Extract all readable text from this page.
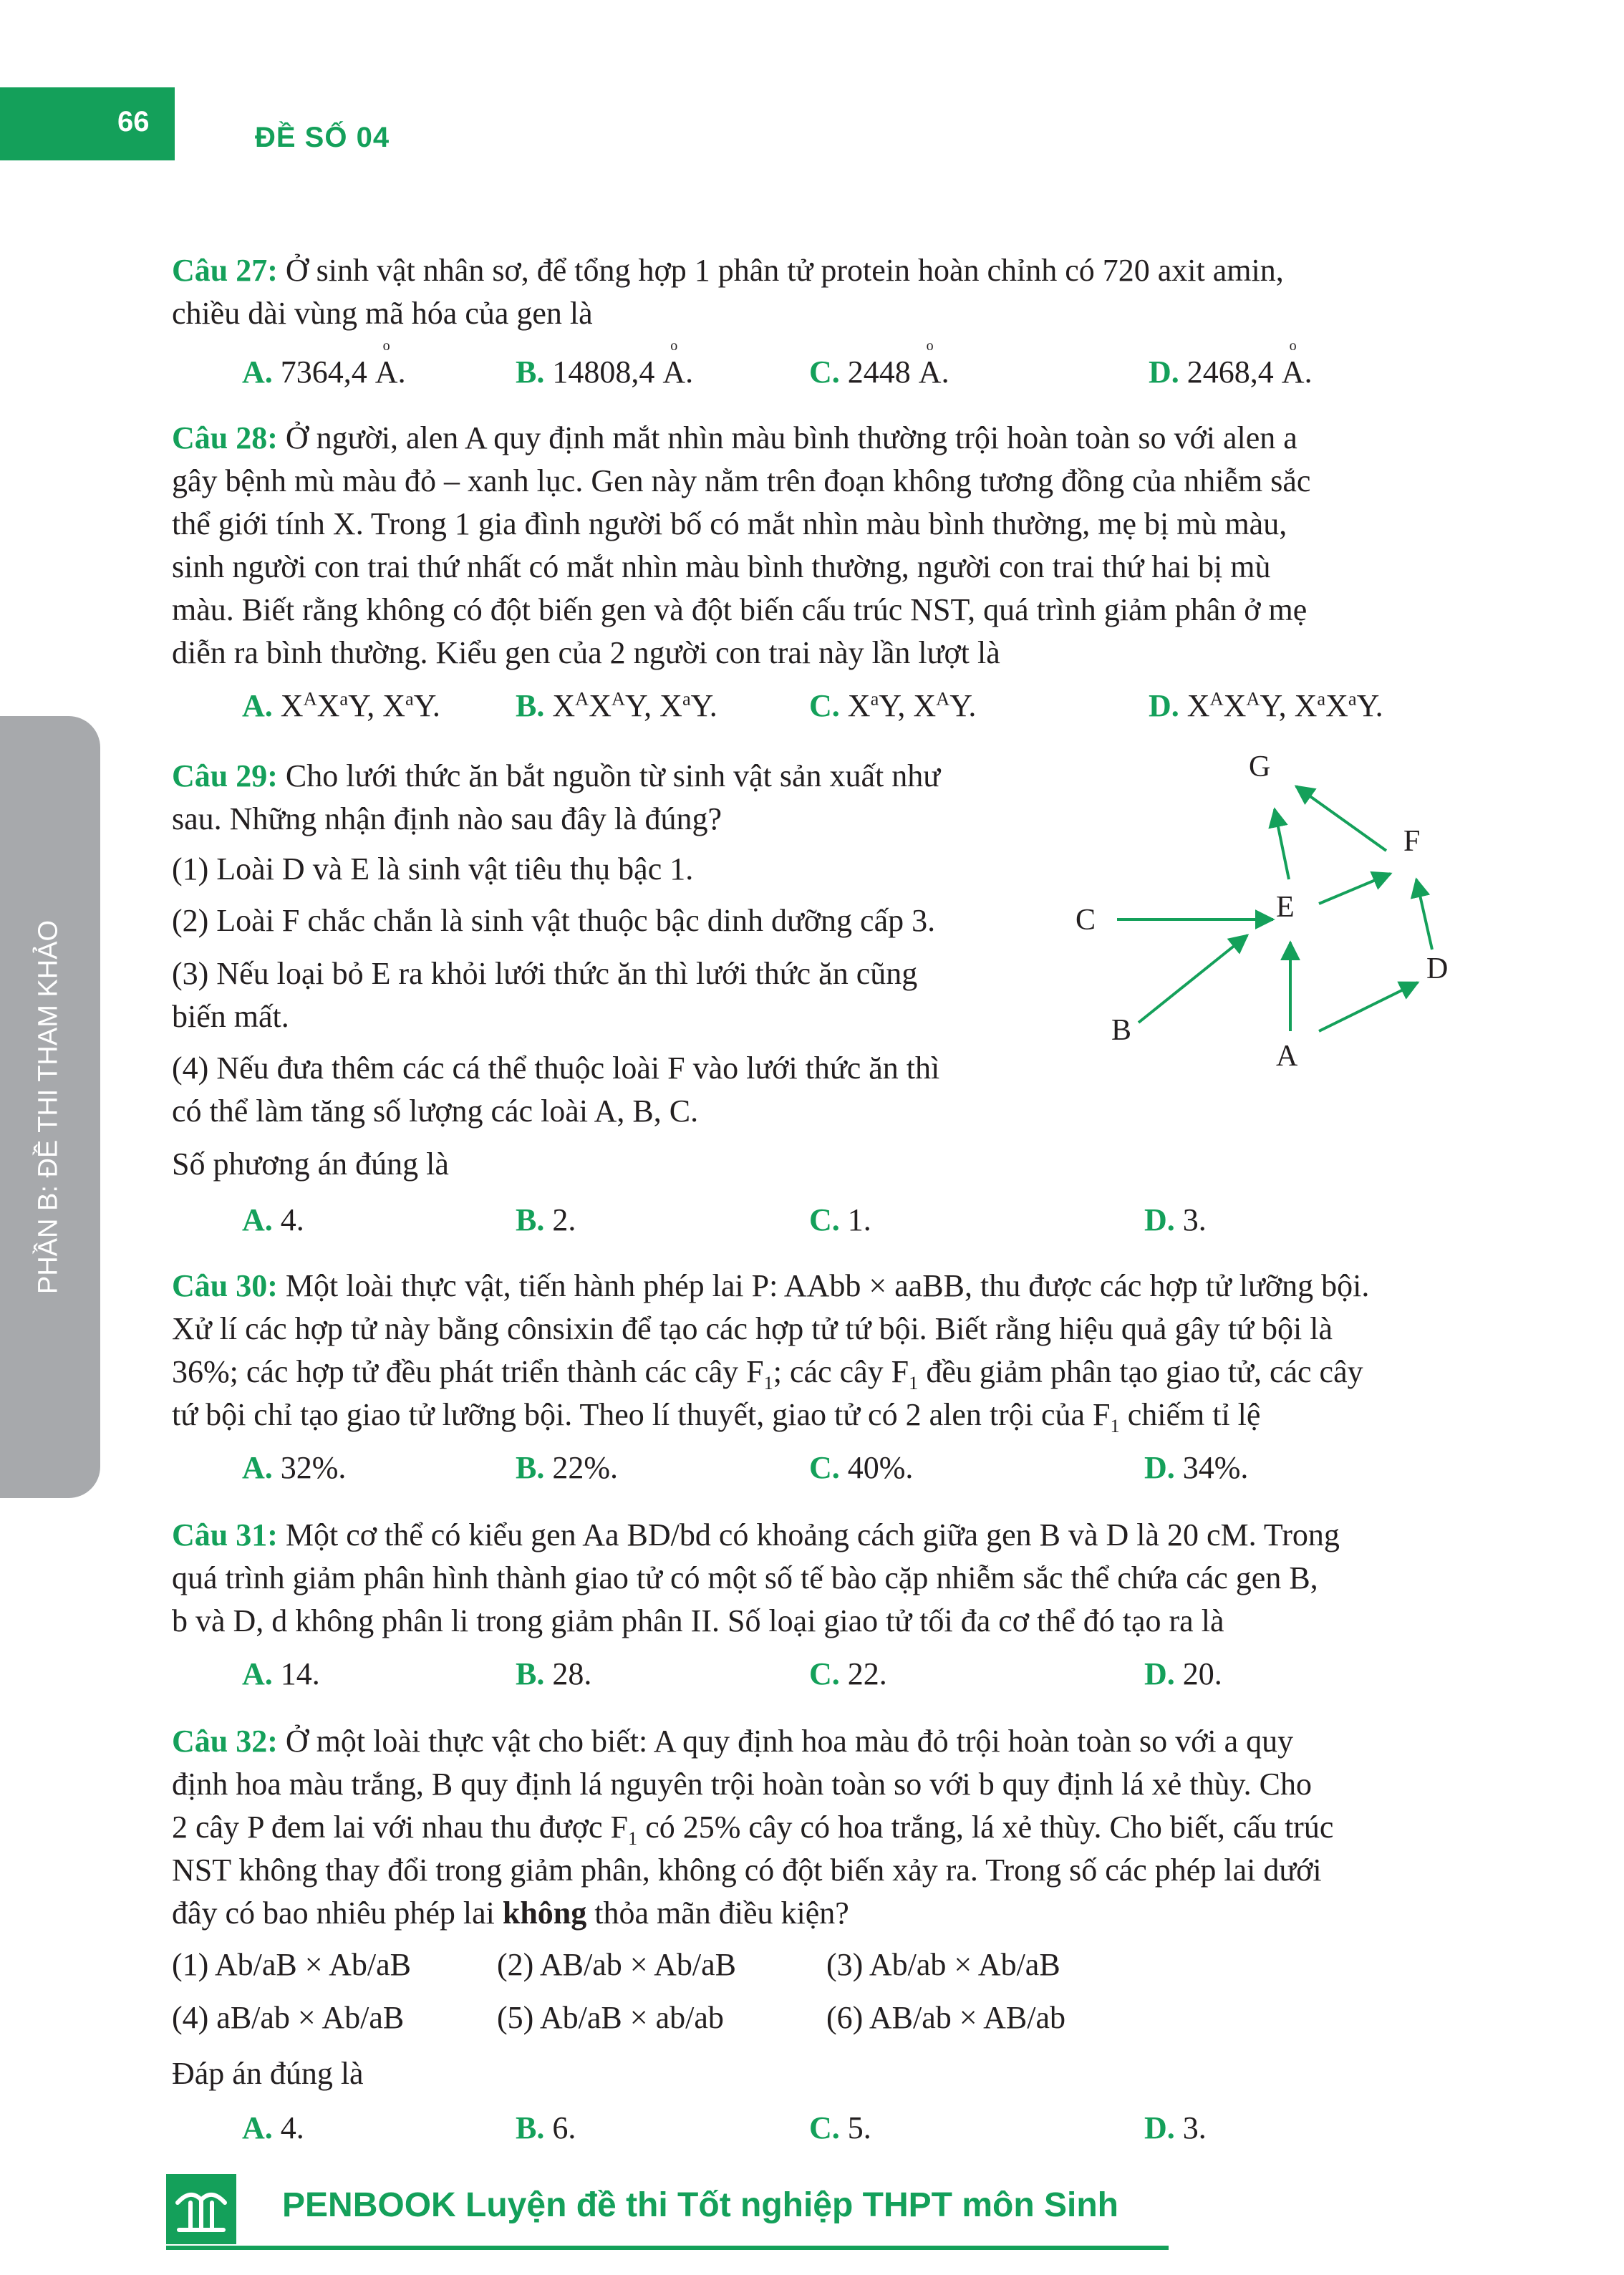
66	ĐỀ SỐ 04
PHẦN B: ĐỀ THI THAM KHẢO
Câu 27: Ở sinh vật nhân sơ, để tổng hợp 1 phân tử protein hoàn chỉnh có 720 axit amin,
chiều dài vùng mã hóa của gen là
A. 7364,4 o A.	B. 14808,4 o A.	C. 2448 o A.	D. 2468,4 o A.
Câu 28: Ở người, alen A quy định mắt nhìn màu bình thường trội hoàn toàn so với alen a
gây bệnh mù màu đỏ – xanh lục. Gen này nằm trên đoạn không tương đồng của nhiễm sắc
thể giới tính X. Trong 1 gia đình người bố có mắt nhìn màu bình thường, mẹ bị mù màu,
sinh người con trai thứ nhất có mắt nhìn màu bình thường, người con trai thứ hai bị mù
màu. Biết rằng không có đột biến gen và đột biến cấu trúc NST, quá trình giảm phân ở mẹ
diễn ra bình thường. Kiểu gen của 2 người con trai này lần lượt là
A. $X^AX^aY$, $X^aY$. B. $X^AX^AY$, $X^aY$.	C. $X^aY$, $X^AY$.	D. $X^AX^AY$, $X^aX^aY$.
Câu 29: Cho lưới thức ăn bắt nguồn từ sinh vật sản xuất như
sau. Những nhận định nào sau đây là đúng?
(1) Loài D và E là sinh vật tiêu thụ bậc 1.
(2) Loài F chắc chắn là sinh vật thuộc bậc dinh dưỡng cấp 3.
(3) Nếu loại bỏ E ra khỏi lưới thức ăn thì lưới thức ăn cũng
biến mất.
(4) Nếu đưa thêm các cá thể thuộc loài F vào lưới thức ăn thì
có thể làm tăng số lượng các loài A, B, C.
Số phương án đúng là
G
F
C	E
D
B
A
A. 4.	B. 2.	C. 1.	D. 3.
Câu 30: Một loài thực vật, tiến hành phép lai P: AAbb × aaBB, thu được các hợp tử lưỡng bội.
Xử lí các hợp tử này bằng cônsixin để tạo các hợp tử tứ bội. Biết rằng hiệu quả gây tứ bội là
36%; các hợp tử đều phát triển thành các cây $F_1$; các cây $F_1$ đều giảm phân tạo giao tử, các cây
tứ bội chỉ tạo giao tử lưỡng bội. Theo lí thuyết, giao tử có 2 alen trội của $F_1$ chiếm tỉ lệ
A. 32%.	B. 22%.	C. 40%.	D. 34%.
Câu 31: Một cơ thể có kiểu gen Aa BD/bd có khoảng cách giữa gen B và D là 20 cM. Trong
quá trình giảm phân hình thành giao tử có một số tế bào cặp nhiễm sắc thể chứa các gen B,
b và D, d không phân li trong giảm phân II. Số loại giao tử tối đa cơ thể đó tạo ra là
A. 14.	B. 28.	C. 22.	D. 20.
Câu 32: Ở một loài thực vật cho biết: A quy định hoa màu đỏ trội hoàn toàn so với a quy
định hoa màu trắng, B quy định lá nguyên trội hoàn toàn so với b quy định lá xẻ thùy. Cho
2 cây P đem lai với nhau thu được $F_1$ có 25% cây có hoa trắng, lá xẻ thùy. Cho biết, cấu trúc
NST không thay đổi trong giảm phân, không có đột biến xảy ra. Trong số các phép lai dưới
đây có bao nhiêu phép lai không thỏa mãn điều kiện?
(1) Ab/aB × Ab/aB	(2) AB/ab × Ab/aB	(3) Ab/ab × Ab/aB
(4) aB/ab × Ab/aB	(5) Ab/aB × ab/ab	(6) AB/ab × AB/ab
Đáp án đúng là
A. 4.	B. 6.	C. 5.	D. 3.
PENBOOK Luyện đề thi Tốt nghiệp THPT môn Sinh
